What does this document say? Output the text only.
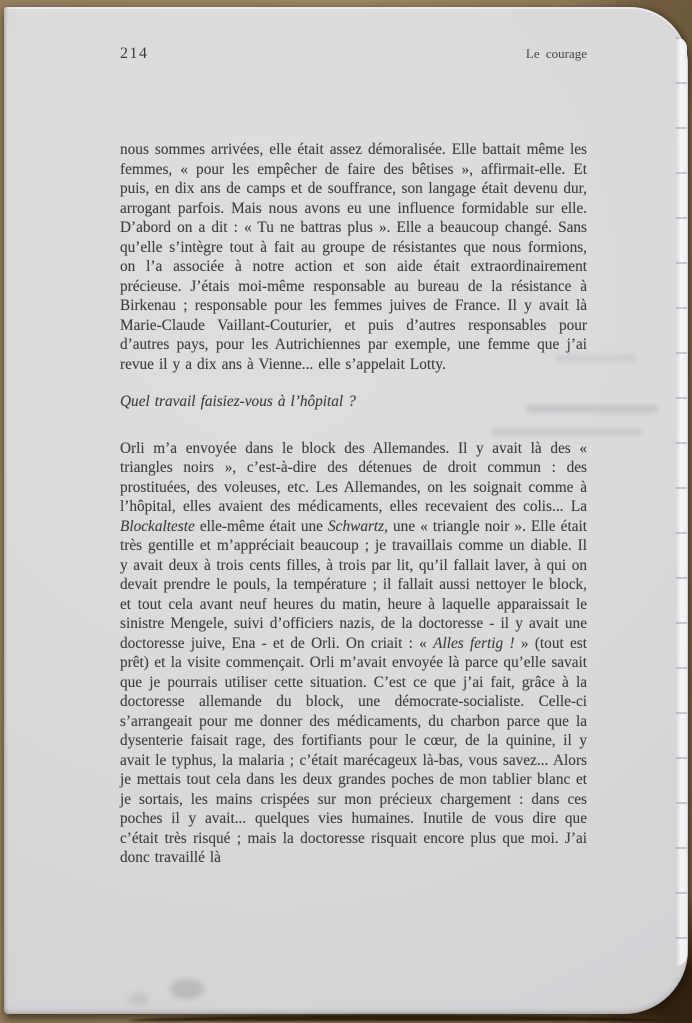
214	Le courage

nous sommes arrivées, elle était assez démoralisée. Elle battait même les femmes, « pour les empêcher de faire des bêtises », affirmait-elle. Et puis, en dix ans de camps et de souffrance, son langage était devenu dur, arrogant parfois. Mais nous avons eu une influence formidable sur elle. D’abord on a dit : « Tu ne battras plus ». Elle a beaucoup changé. Sans qu’elle s’intègre tout à fait au groupe de résistantes que nous formions, on l’a associée à notre action et son aide était extraordinairement précieuse. J’étais moi-même responsable au bureau de la résistance à Birkenau ; responsable pour les femmes juives de France. Il y avait là Marie-Claude Vaillant-Couturier, et puis d’autres responsables pour d’autres pays, pour les Autrichiennes par exemple, une femme que j’ai revue il y a dix ans à Vienne... elle s’appelait Lotty.

Quel travail faisiez-vous à l’hôpital ?

Orli m’a envoyée dans le block des Allemandes. Il y avait là des « triangles noirs », c’est-à-dire des détenues de droit commun : des prostituées, des voleuses, etc. Les Allemandes, on les soignait comme à l’hôpital, elles avaient des médicaments, elles recevaient des colis... La Blockalteste elle-même était une Schwartz, une « triangle noir ». Elle était très gentille et m’appréciait beaucoup ; je travaillais comme un diable. Il y avait deux à trois cents filles, à trois par lit, qu’il fallait laver, à qui on devait prendre le pouls, la température ; il fallait aussi nettoyer le block, et tout cela avant neuf heures du matin, heure à laquelle apparaissait le sinistre Mengele, suivi d’officiers nazis, de la doctoresse - il y avait une doctoresse juive, Ena - et de Orli. On criait : « Alles fertig ! » (tout est prêt) et la visite commençait. Orli m’avait envoyée là parce qu’elle savait que je pourrais utiliser cette situation. C’est ce que j’ai fait, grâce à la doctoresse allemande du block, une démocrate-socialiste. Celle-ci s’arrangeait pour me donner des médicaments, du charbon parce que la dysenterie faisait rage, des fortifiants pour le cœur, de la quinine, il y avait le typhus, la malaria ; c’était marécageux là-bas, vous savez... Alors je mettais tout cela dans les deux grandes poches de mon tablier blanc et je sortais, les mains crispées sur mon précieux chargement : dans ces poches il y avait... quelques vies humaines. Inutile de vous dire que c’était très risqué ; mais la doctoresse risquait encore plus que moi. J’ai donc travaillé là
